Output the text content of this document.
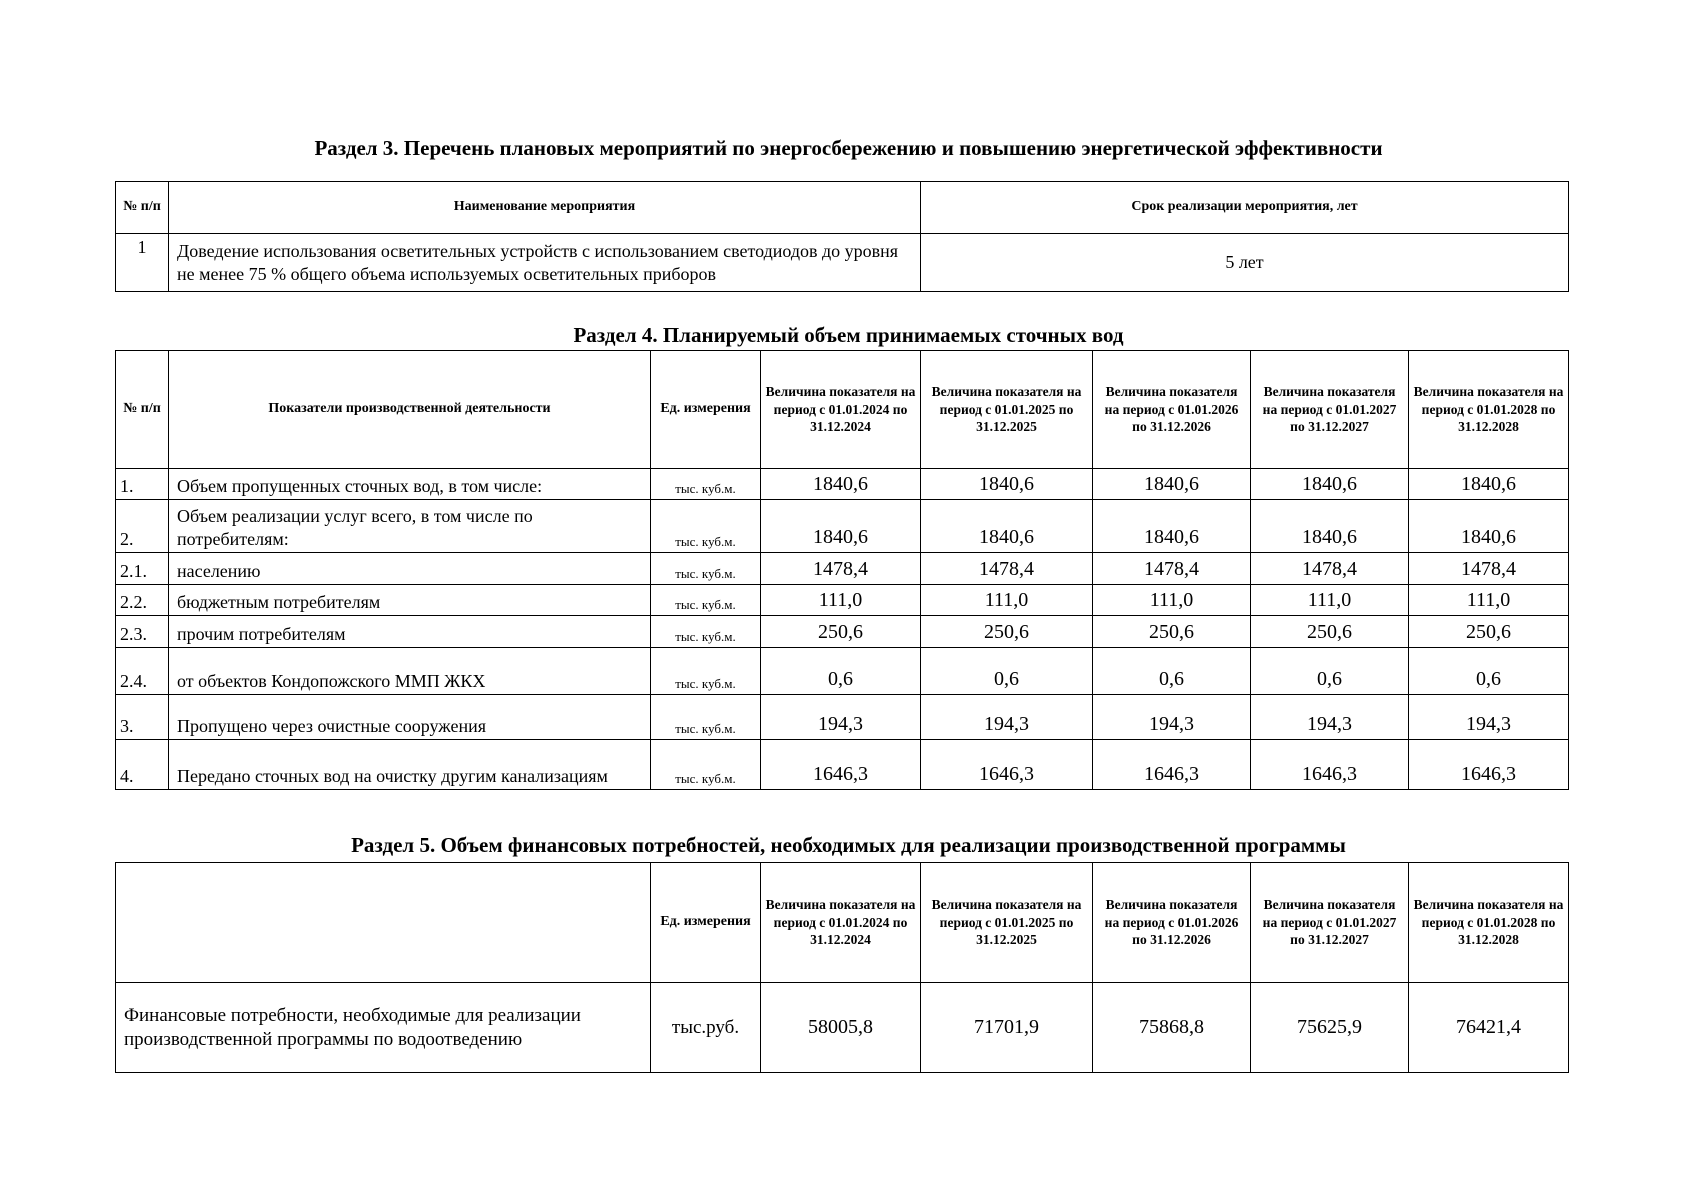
Раздел 3. Перечень плановых мероприятий по энергосбережению и повышению энергетической эффективности
№ п/п	Наименование мероприятия	Срок реализации мероприятия, лет
1	Доведение использования осветительных устройств с использованием светодиодов до уровня не менее 75 % общего объема используемых осветительных приборов	5 лет
Раздел 4. Планируемый объем принимаемых сточных вод
№ п/п	Показатели производственной деятельности	Ед. измерения	Величина показателя на период с 01.01.2024 по 31.12.2024	Величина показателя на период с 01.01.2025 по 31.12.2025	Величина показателя на период с 01.01.2026 по 31.12.2026	Величина показателя на период с 01.01.2027 по 31.12.2027	Величина показателя на период с 01.01.2028 по 31.12.2028
1.	Объем пропущенных сточных вод, в том числе:	тыс. куб.м.	1840,6	1840,6	1840,6	1840,6	1840,6
2.	Объем реализации услуг всего, в том числе по потребителям:	тыс. куб.м.	1840,6	1840,6	1840,6	1840,6	1840,6
2.1.	населению	тыс. куб.м.	1478,4	1478,4	1478,4	1478,4	1478,4
2.2.	бюджетным потребителям	тыс. куб.м.	111,0	111,0	111,0	111,0	111,0
2.3.	прочим потребителям	тыс. куб.м.	250,6	250,6	250,6	250,6	250,6
2.4.	от объектов Кондопожского ММП ЖКХ	тыс. куб.м.	0,6	0,6	0,6	0,6	0,6
3.	Пропущено через очистные сооружения	тыс. куб.м.	194,3	194,3	194,3	194,3	194,3
4.	Передано сточных вод на очистку другим канализациям	тыс. куб.м.	1646,3	1646,3	1646,3	1646,3	1646,3
Раздел 5. Объем финансовых потребностей, необходимых для реализации производственной программы
	Ед. измерения	Величина показателя на период с 01.01.2024 по 31.12.2024	Величина показателя на период с 01.01.2025 по 31.12.2025	Величина показателя на период с 01.01.2026 по 31.12.2026	Величина показателя на период с 01.01.2027 по 31.12.2027	Величина показателя на период с 01.01.2028 по 31.12.2028
Финансовые потребности, необходимые для реализации производственной программы по водоотведению	тыс.руб.	58005,8	71701,9	75868,8	75625,9	76421,4
